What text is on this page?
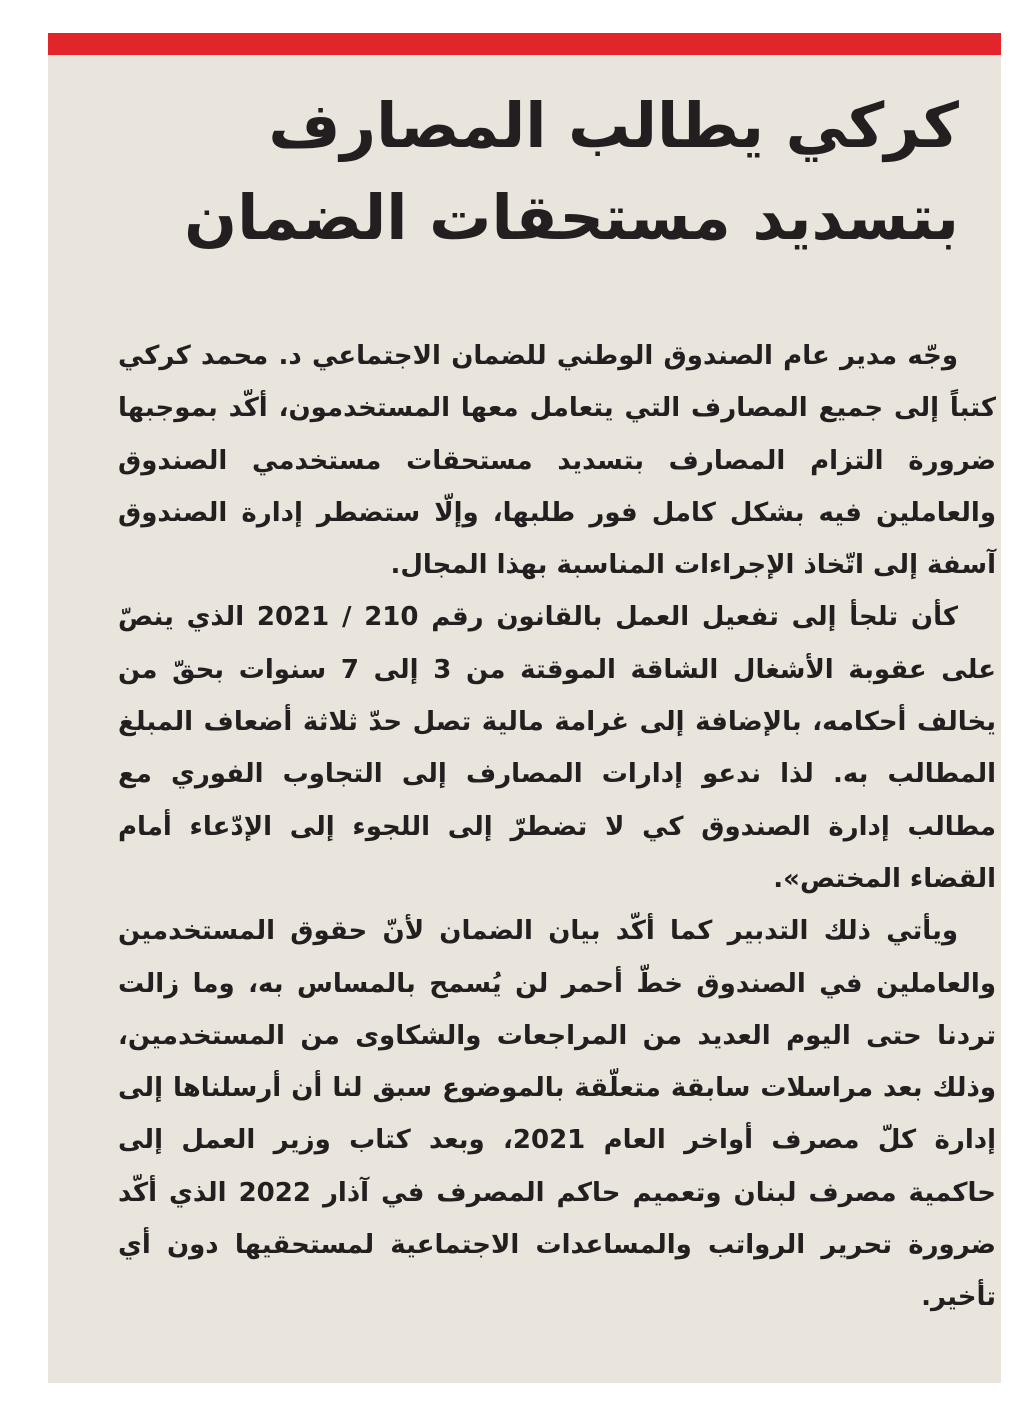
كركي يطالب المصارف بتسديد مستحقات الضمان

وجّه مدير عام الصندوق الوطني للضمان الاجتماعي د. محمد كركي كتباً إلى جميع المصارف التي يتعامل معها المستخدمون، أكّد بموجبها ضرورة التزام المصارف بتسديد مستحقات مستخدمي الصندوق والعاملين فيه بشكل كامل فور طلبها، وإلّا ستضطر إدارة الصندوق آسفة إلى اتّخاذ الإجراءات المناسبة بهذا المجال.

كأن تلجأ إلى تفعيل العمل بالقانون رقم 210 / 2021 الذي ينصّ على عقوبة الأشغال الشاقة الموقتة من 3 إلى 7 سنوات بحقّ من يخالف أحكامه، بالإضافة إلى غرامة مالية تصل حدّ ثلاثة أضعاف المبلغ المطالب به. لذا ندعو إدارات المصارف إلى التجاوب الفوري مع مطالب إدارة الصندوق كي لا تضطرّ إلى اللجوء إلى الإدّعاء أمام القضاء المختص».

ويأتي ذلك التدبير كما أكّد بيان الضمان لأنّ حقوق المستخدمين والعاملين في الصندوق خطّ أحمر لن يُسمح بالمساس به، وما زالت تردنا حتى اليوم العديد من المراجعات والشكاوى من المستخدمين، وذلك بعد مراسلات سابقة متعلّقة بالموضوع سبق لنا أن أرسلناها إلى إدارة كلّ مصرف أواخر العام 2021، وبعد كتاب وزير العمل إلى حاكمية مصرف لبنان وتعميم حاكم المصرف في آذار 2022 الذي أكّد ضرورة تحرير الرواتب والمساعدات الاجتماعية لمستحقيها دون أي تأخير.
